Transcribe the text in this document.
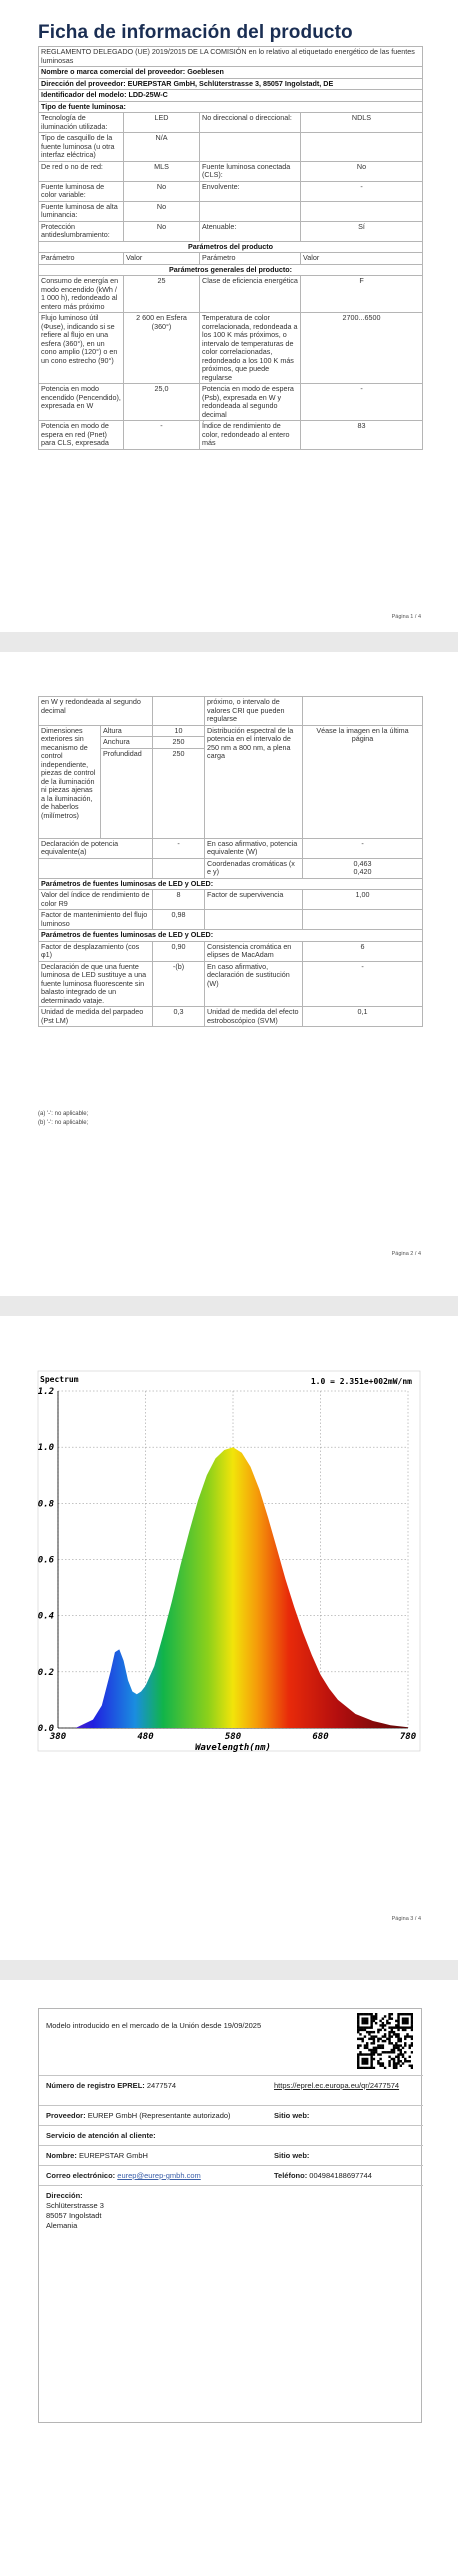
Ficha de información del producto
REGLAMENTO DELEGADO (UE) 2019/2015 DE LA COMISIÓN en lo relativo al etiquetado energético de las fuentes luminosas			
Nombre o marca comercial del proveedor: Goeblesen			
Dirección del proveedor: EUREPSTAR GmbH, Schlüterstrasse 3, 85057 Ingolstadt, DE			
Identificador del modelo: LDD-25W-C			
Tipo de fuente luminosa:			
Tecnología de iluminación utilizada:	LED	No direccional o direccional:	NDLS
Tipo de casquillo de la fuente luminosa (u otra interfaz eléctrica)	N/A		
De red o no de red:	MLS	Fuente luminosa conectada (CLS):	No
Fuente luminosa de color variable:	No	Envolvente:	-
Fuente luminosa de alta luminancia:	No		
Protección antideslumbramiento:	No	Atenuable:	Sí
Parámetros del producto			
Parámetro	Valor	Parámetro	Valor
Parámetros generales del producto:			
Consumo de energía en modo encendido (kWh / 1 000 h), redondeado al entero más próximo	25	Clase de eficiencia energética	F
Flujo luminoso útil (Φuse), indicando si se refiere al flujo en una esfera (360°), en un cono amplio (120°) o en un cono estrecho (90°)	2 600 en Esfera (360°)	Temperatura de color correlacionada, redondeada a los 100 K más próximos, o intervalo de temperaturas de color correlacionadas, redondeado a los 100 K más próximos, que puede regularse	2700...6500
Potencia en modo encendido (Pencendido), expresada en W	25,0	Potencia en modo de espera (Psb), expresada en W y redondeada al segundo decimal	-
Potencia en modo de espera en red (Pnet) para CLS, expresada	-	Índice de rendimiento de color, redondeado al entero más	83
Página 1 / 4
en W y redondeada al segundo decimal			próximo, o intervalo de valores CRI que pueden regularse	
Dimensiones exteriores sin mecanismo de control independiente, piezas de control de la iluminación ni piezas ajenas a la iluminación, de haberlos (milímetros)	Altura	10	Distribución espectral de la potencia en el intervalo de 250 nm a 800 nm, a plena carga	Véase la imagen en la última página
	Anchura	250		
	Profundidad	250		
Declaración de potencia equivalente(a)		-	En caso afirmativo, potencia equivalente (W)	-
			Coordenadas cromáticas (x e y)	0,463
0,420
Parámetros de fuentes luminosas de LED y OLED:				
Valor del índice de rendimiento de color R9		8	Factor de supervivencia	1,00
Factor de mantenimiento del flujo luminoso		0,98		
Parámetros de fuentes luminosas de LED y OLED:				
Factor de desplazamiento (cos φ1)		0,90	Consistencia cromática en elipses de MacAdam	6
Declaración de que una fuente luminosa de LED sustituye a una fuente luminosa fluorescente sin balasto integrado de un determinado vataje.		-(b)	En caso afirmativo, declaración de sustitución (W)	-
Unidad de medida del parpadeo (Pst LM)		0,3	Unidad de medida del efecto estroboscópico (SVM)	0,1
(a) '-': no aplicable;
(b) '-': no aplicable;
Página 2 / 4
Spectrum	1.0 = 2.351e+002mW/nm
0.0
0.2
0.4
0.6
0.8
1.0
1.2
380	480	580	680	780
Wavelength(nm)
Página 3 / 4
Modelo introducido en el mercado de la Unión desde 19/09/2025
Número de registro EPREL: 2477574	https://eprel.ec.europa.eu/qr/2477574
Proveedor: EUREP GmbH (Representante autorizado)	Sitio web:
Servicio de atención al cliente:
Nombre: EUREPSTAR GmbH	Sitio web:
Correo electrónico: eurep@eurep-gmbh.com	Teléfono: 004984188697744
Dirección:
Schlüterstrasse 3
85057 Ingolstadt
Alemania
